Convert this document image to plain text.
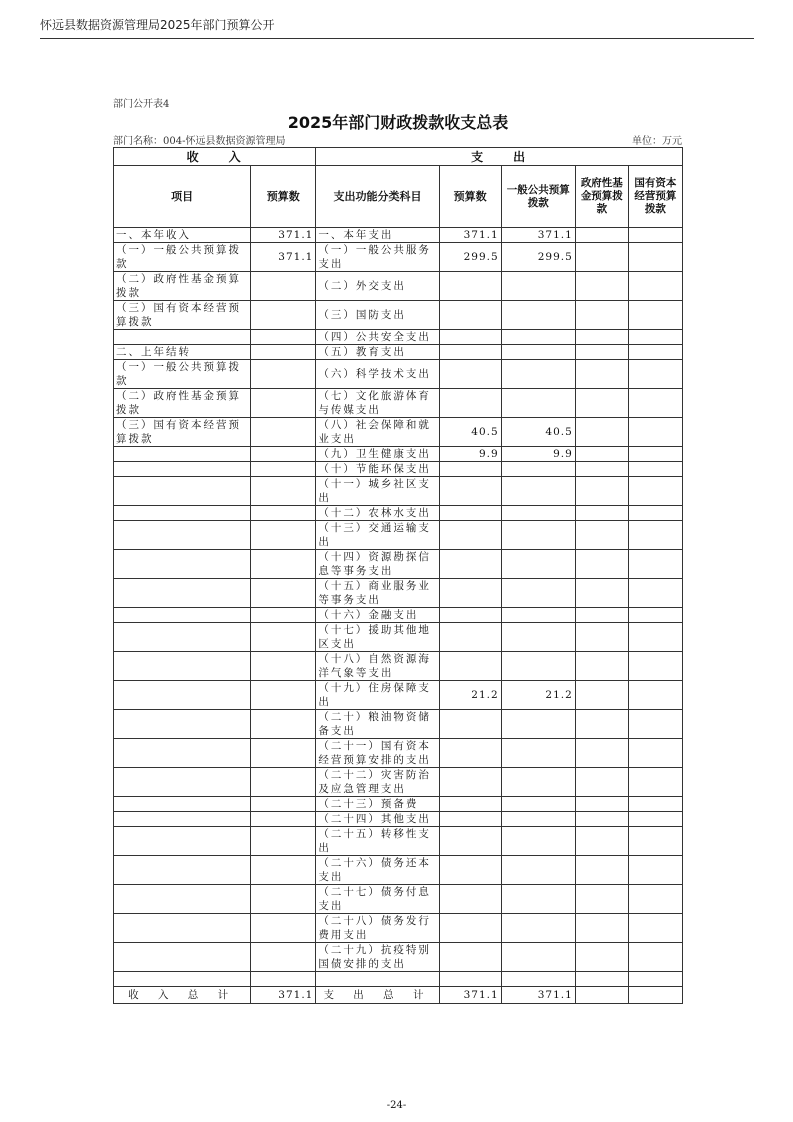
怀远县数据资源管理局2025年部门预算公开
部门公开表4
2025年部门财政拨款收支总表
部门名称：004-怀远县数据资源管理局	单位：万元
收　　入		支　　出				
项目	预算数	支出功能分类科目	预算数	一般公共预算拨款	政府性基金预算拨款	国有资本经营预算拨款
一、本年收入	371.1	一、本年支出	371.1	371.1		
（一）一般公共预算拨款	371.1	（一）一般公共服务支出	299.5	299.5		
（二）政府性基金预算拨款		（二）外交支出				
（三）国有资本经营预算拨款		（三）国防支出				
		（四）公共安全支出				
二、上年结转		（五）教育支出				
（一）一般公共预算拨款		（六）科学技术支出				
（二）政府性基金预算拨款		（七）文化旅游体育与传媒支出				
（三）国有资本经营预算拨款		（八）社会保障和就业支出	40.5	40.5		
		（九）卫生健康支出	9.9	9.9		
		（十）节能环保支出				
		（十一）城乡社区支出				
		（十二）农林水支出				
		（十三）交通运输支出				
		（十四）资源勘探信息等事务支出				
		（十五）商业服务业等事务支出				
		（十六）金融支出				
		（十七）援助其他地区支出				
		（十八）自然资源海洋气象等支出				
		（十九）住房保障支出	21.2	21.2		
		（二十）粮油物资储备支出				
		（二十一）国有资本经营预算安排的支出				
		（二十二）灾害防治及应急管理支出				
		（二十三）预备费				
		（二十四）其他支出				
		（二十五）转移性支出				
		（二十六）债务还本支出				
		（二十七）债务付息支出				
		（二十八）债务发行费用支出				
		（二十九）抗疫特别国债安排的支出				

收 入 总 计	371.1	支 出 总 计	371.1	371.1		
-24-
